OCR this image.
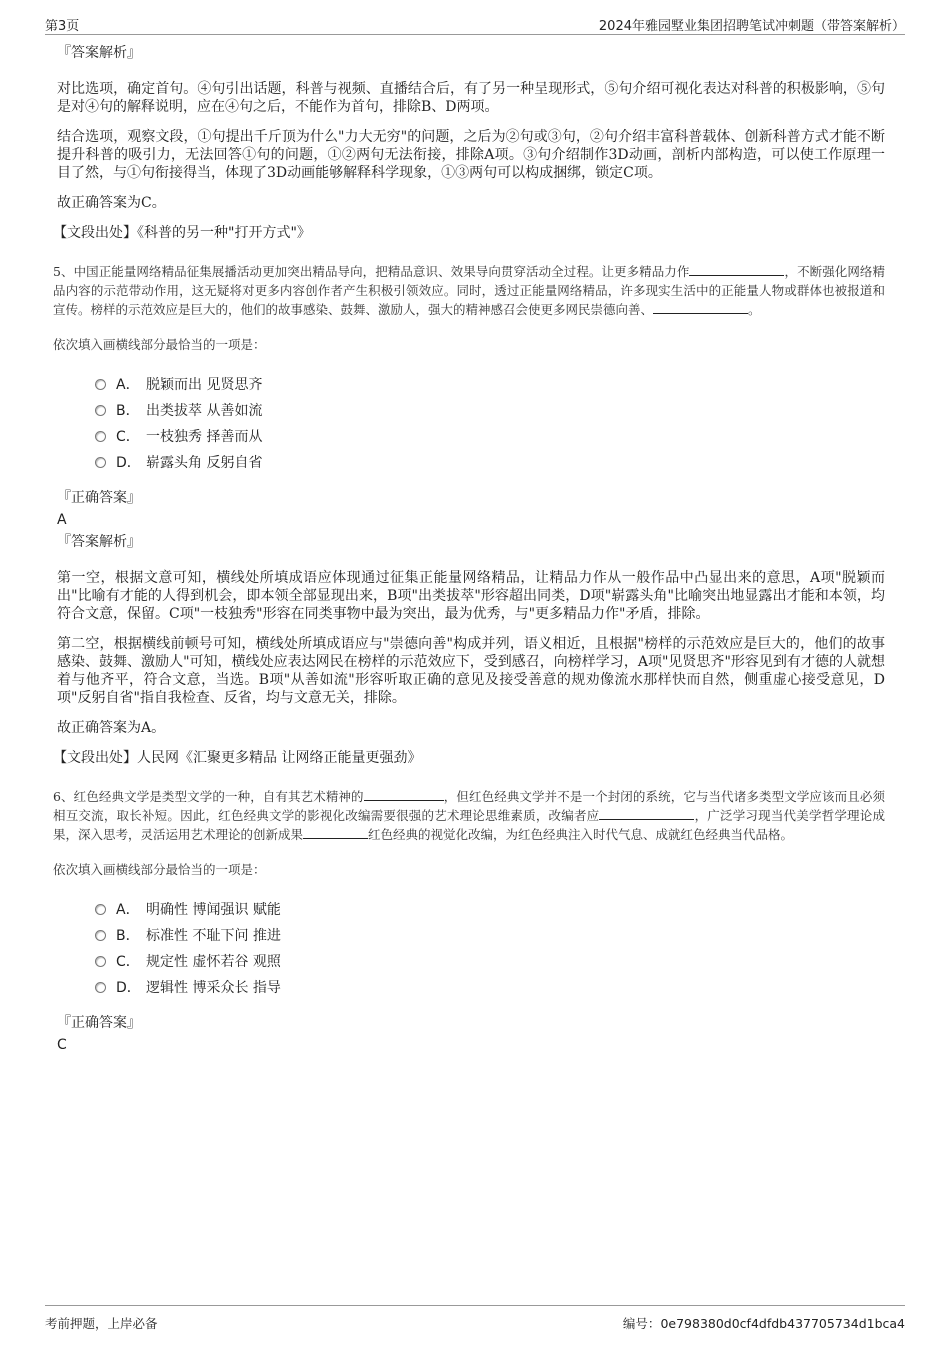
第3页	2024年雅园墅业集团招聘笔试冲刺题（带答案解析）

『答案解析』

对比选项，确定首句。④句引出话题，科普与视频、直播结合后，有了另一种呈现形式，⑤句介绍可视化表达对科普的积极影响，⑤句是对④句的解释说明，应在④句之后，不能作为首句，排除B、D两项。

结合选项，观察文段，①句提出千斤顶为什么"力大无穷"的问题，之后为②句或③句，②句介绍丰富科普载体、创新科普方式才能不断提升科普的吸引力，无法回答①句的问题，①②两句无法衔接，排除A项。③句介绍制作3D动画，剖析内部构造，可以使工作原理一目了然，与①句衔接得当，体现了3D动画能够解释科学现象，①③两句可以构成捆绑，锁定C项。

故正确答案为C。

【文段出处】《科普的另一种"打开方式"》

5、中国正能量网络精品征集展播活动更加突出精品导向，把精品意识、效果导向贯穿活动全过程。让更多精品力作	，不断强化网络精品内容的示范带动作用，这无疑将对更多内容创作者产生积极引领效应。同时，透过正能量网络精品，许多现实生活中的正能量人物或群体也被报道和宣传。榜样的示范效应是巨大的，他们的故事感染、鼓舞、激励人，强大的精神感召会使更多网民崇德向善、	。

依次填入画横线部分最恰当的一项是：

A． 脱颖而出 见贤思齐
B． 出类拔萃 从善如流
C． 一枝独秀 择善而从
D． 崭露头角 反躬自省

『正确答案』

A

『答案解析』

第一空，根据文意可知，横线处所填成语应体现通过征集正能量网络精品，让精品力作从一般作品中凸显出来的意思，A项"脱颖而出"比喻有才能的人得到机会，即本领全部显现出来，B项"出类拔萃"形容超出同类，D项"崭露头角"比喻突出地显露出才能和本领，均符合文意，保留。C项"一枝独秀"形容在同类事物中最为突出，最为优秀，与"更多精品力作"矛盾，排除。

第二空，根据横线前顿号可知，横线处所填成语应与"崇德向善"构成并列，语义相近，且根据"榜样的示范效应是巨大的，他们的故事感染、鼓舞、激励人"可知，横线处应表达网民在榜样的示范效应下，受到感召，向榜样学习，A项"见贤思齐"形容见到有才德的人就想着与他齐平，符合文意，当选。B项"从善如流"形容听取正确的意见及接受善意的规劝像流水那样快而自然，侧重虚心接受意见，D项"反躬自省"指自我检查、反省，均与文意无关，排除。

故正确答案为A。

【文段出处】人民网《汇聚更多精品 让网络正能量更强劲》

6、红色经典文学是类型文学的一种，自有其艺术精神的	，但红色经典文学并不是一个封闭的系统，它与当代诸多类型文学应该而且必须相互交流，取长补短。因此，红色经典文学的影视化改编需要很强的艺术理论思维素质，改编者应	，广泛学习现当代美学哲学理论成果，深入思考，灵活运用艺术理论的创新成果	红色经典的视觉化改编，为红色经典注入时代气息、成就红色经典当代品格。

依次填入画横线部分最恰当的一项是：

A． 明确性 博闻强识 赋能
B． 标准性 不耻下问 推进
C． 规定性 虚怀若谷 观照
D． 逻辑性 博采众长 指导

『正确答案』

C

考前押题，上岸必备	编号：0e798380d0cf4dfdb437705734d1bca4
